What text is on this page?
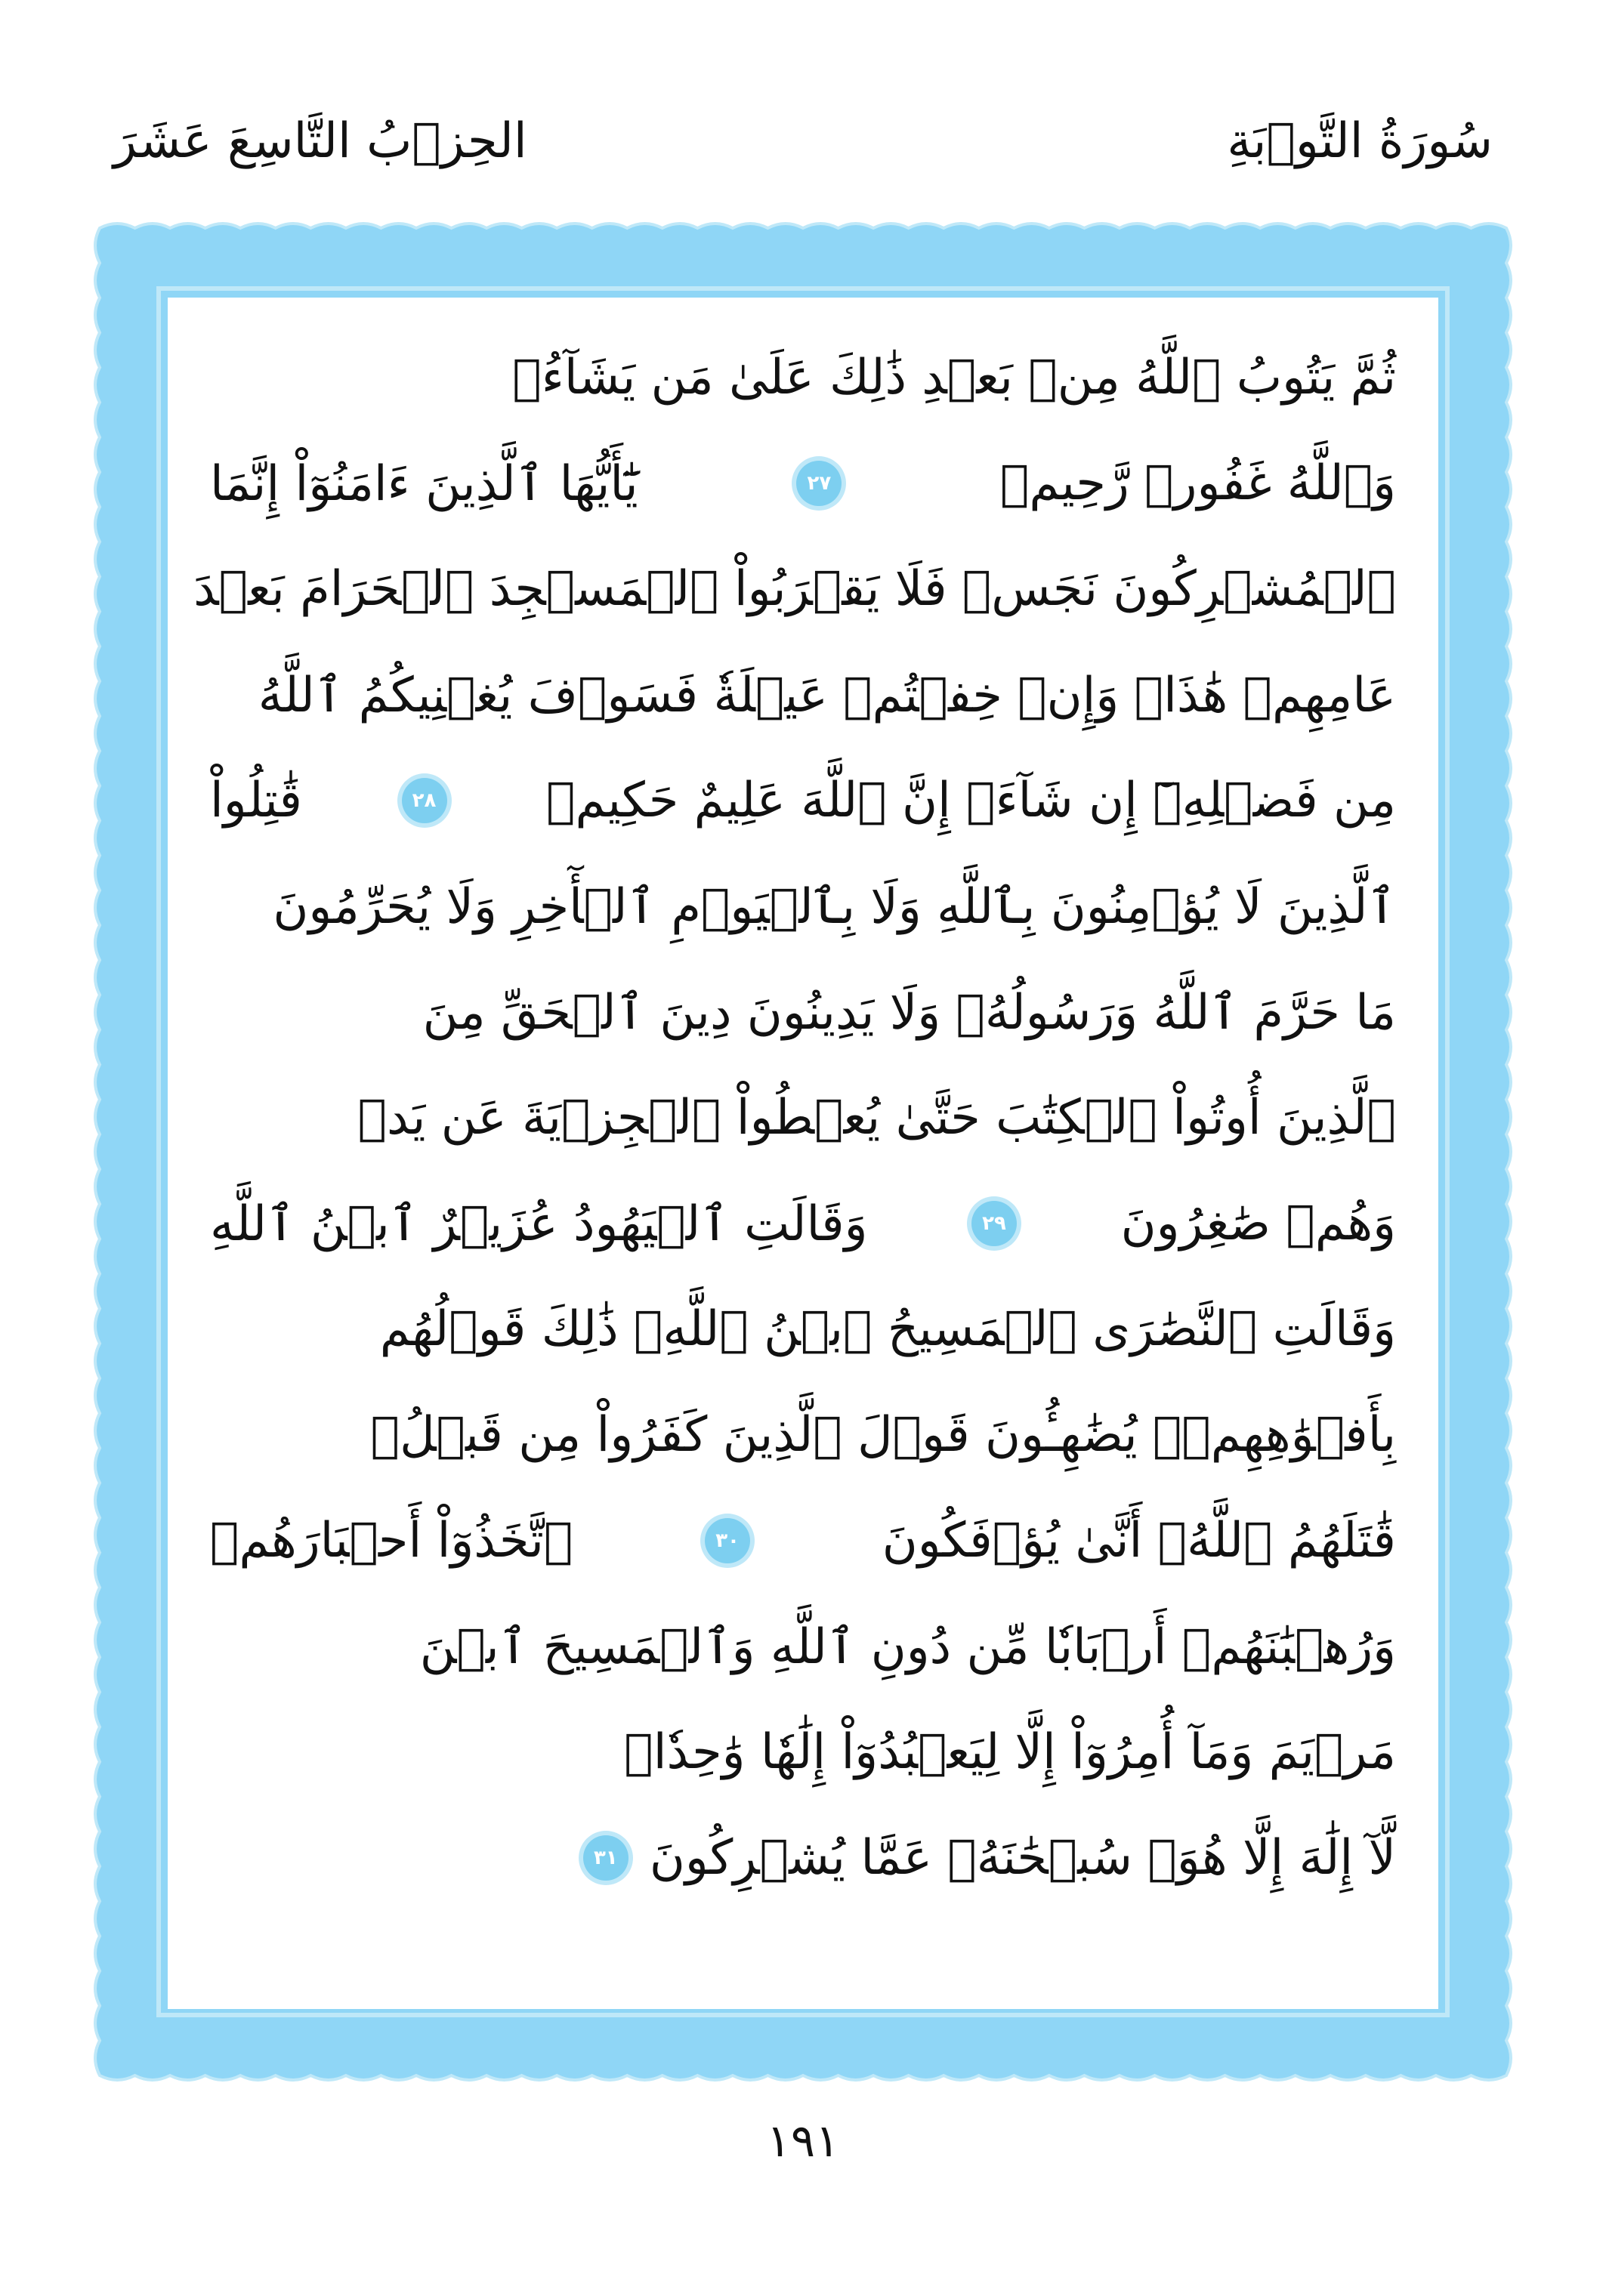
سُورَةُ التَّوۡبَةِ
الحِزۡبُ التَّاسِعَ عَشَرَ
ثُمَّ يَتُوبُ ٱللَّهُ مِنۢ بَعۡدِ ذَٰلِكَ عَلَىٰ مَن يَشَآءُۗ
وَٱللَّهُ غَفُورٞ رَّحِيمٞ
٢٧
يَٰٓأَيُّهَا ٱلَّذِينَ ءَامَنُوٓاْ إِنَّمَا
ٱلۡمُشۡرِكُونَ نَجَسٞ فَلَا يَقۡرَبُواْ ٱلۡمَسۡجِدَ ٱلۡحَرَامَ بَعۡدَ
عَامِهِمۡ هَٰذَاۚ وَإِنۡ خِفۡتُمۡ عَيۡلَةٗ فَسَوۡفَ يُغۡنِيكُمُ ٱللَّهُ
مِن فَضۡلِهِۦٓ إِن شَآءَۚ إِنَّ ٱللَّهَ عَلِيمٌ حَكِيمٞ
٢٨
قَٰتِلُواْ
ٱلَّذِينَ لَا يُؤۡمِنُونَ بِٱللَّهِ وَلَا بِٱلۡيَوۡمِ ٱلۡأٓخِرِ وَلَا يُحَرِّمُونَ
مَا حَرَّمَ ٱللَّهُ وَرَسُولُهُۥ وَلَا يَدِينُونَ دِينَ ٱلۡحَقِّ مِنَ
ٱلَّذِينَ أُوتُواْ ٱلۡكِتَٰبَ حَتَّىٰ يُعۡطُواْ ٱلۡجِزۡيَةَ عَن يَدٖ
وَهُمۡ صَٰغِرُونَ
٢٩
وَقَالَتِ ٱلۡيَهُودُ عُزَيۡرٌ ٱبۡنُ ٱللَّهِ
وَقَالَتِ ٱلنَّصَٰرَى ٱلۡمَسِيحُ ٱبۡنُ ٱللَّهِۖ ذَٰلِكَ قَوۡلُهُم
بِأَفۡوَٰهِهِمۡۖ يُضَٰهِـُٔونَ قَوۡلَ ٱلَّذِينَ كَفَرُواْ مِن قَبۡلُۚ
قَٰتَلَهُمُ ٱللَّهُۖ أَنَّىٰ يُؤۡفَكُونَ
٣٠
ٱتَّخَذُوٓاْ أَحۡبَارَهُمۡ
وَرُهۡبَٰنَهُمۡ أَرۡبَابٗا مِّن دُونِ ٱللَّهِ وَٱلۡمَسِيحَ ٱبۡنَ
مَرۡيَمَ وَمَآ أُمِرُوٓاْ إِلَّا لِيَعۡبُدُوٓاْ إِلَٰهٗا وَٰحِدٗاۖ
لَّآ إِلَٰهَ إِلَّا هُوَۚ سُبۡحَٰنَهُۥ عَمَّا يُشۡرِكُونَ
٣١
١٩١
